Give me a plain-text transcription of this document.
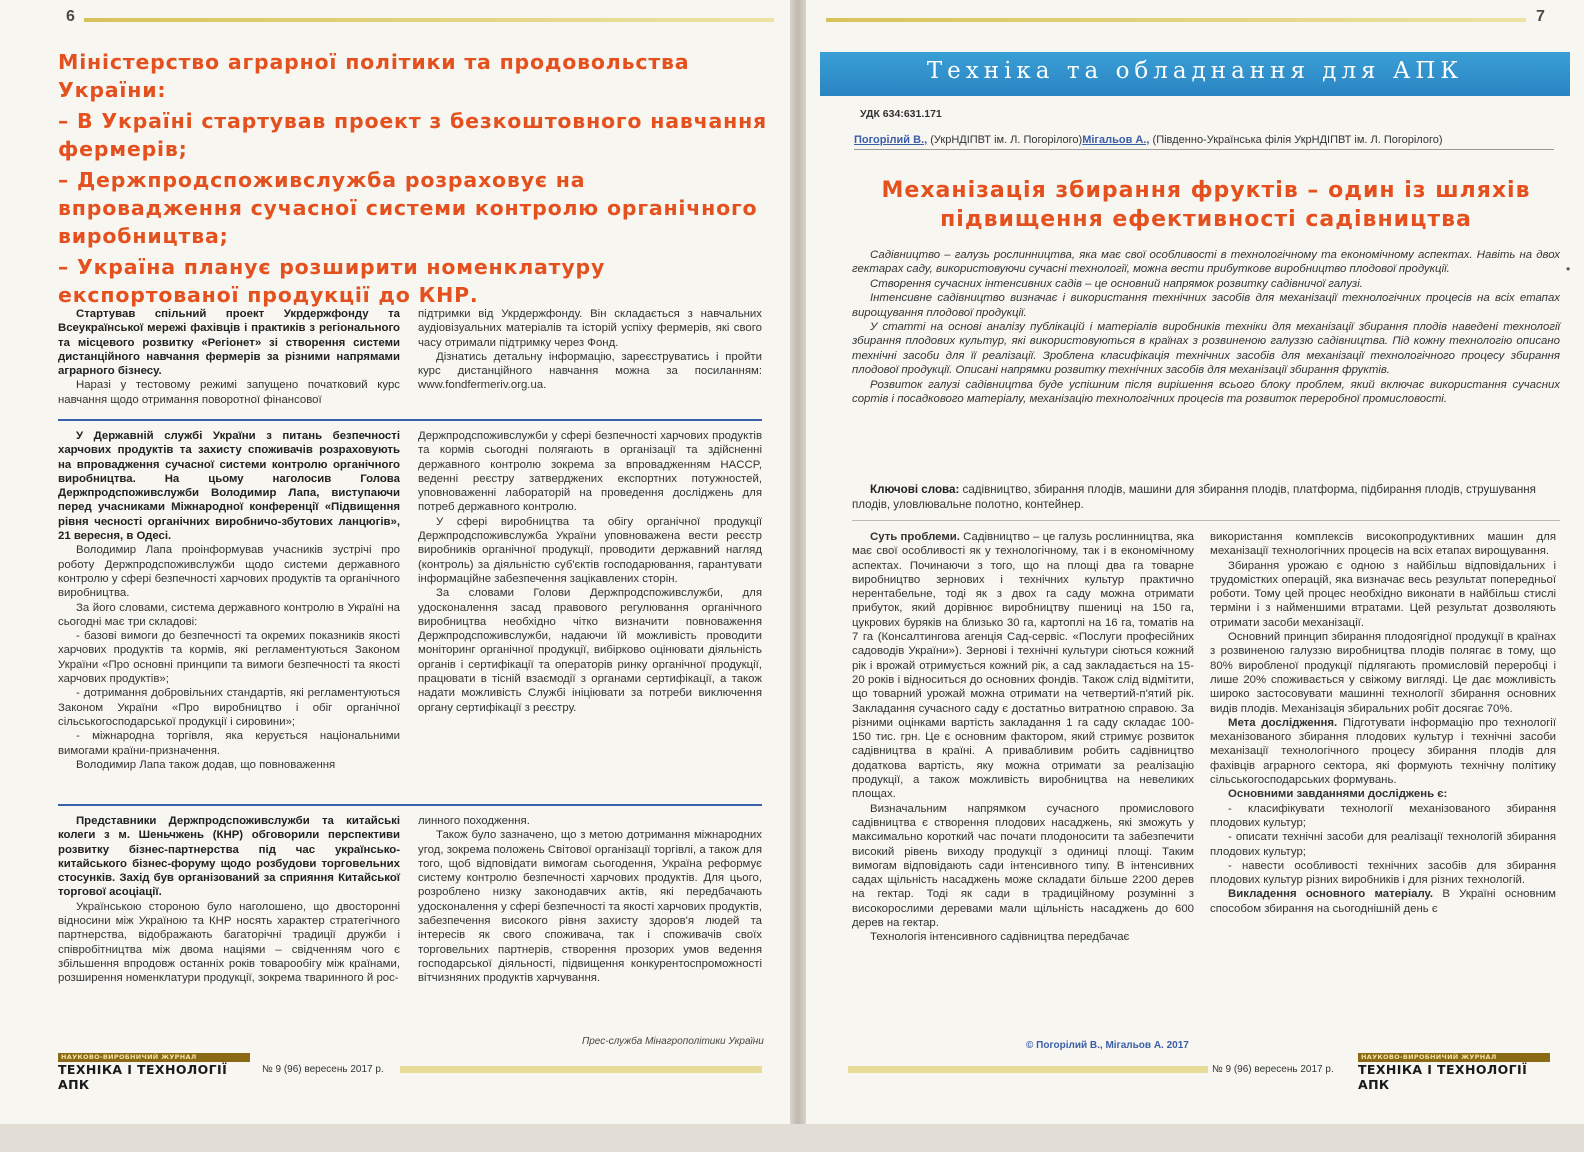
6

Міністерство аграрної політики та продовольства України:

– В Україні стартував проект з безкоштовного навчання фермерів;

– Держпродспоживслужба розраховує на впровадження сучасної системи контролю органічного виробництва;

– Україна планує розширити номенклатуру експортованої продукції до КНР.

Стартував спільний проект Укрдержфонду та Всеукраїнської мережі фахівців і практиків з регіонального та місцевого розвитку «Регіонет» зі створення системи дистанційного навчання фермерів за різними напрямами аграрного бізнесу.

Наразі у тестовому режимі запущено початковий курс навчання щодо отримання поворотної фінансової

підтримки від Укрдержфонду. Він складається з навчальних аудіовізуальних матеріалів та історій успіху фермерів, які свого часу отримали підтримку через Фонд.

Дізнатись детальну інформацію, зареєструватись і пройти курс дистанційного навчання можна за посиланням: www.fondfermeriv.org.ua.

У Державній службі України з питань безпечності харчових продуктів та захисту споживачів розраховують на впровадження сучасної системи контролю органічного виробництва. На цьому наголосив Голова Держпродспоживслужби Володимир Лапа, виступаючи перед учасниками Міжнародної конференції «Підвищення рівня чесності органічних виробничо-збутових ланцюгів», 21 вересня, в Одесі.

Володимир Лапа проінформував учасників зустрічі про роботу Держпродспоживслужби щодо системи державного контролю у сфері безпечності харчових продуктів та органічного виробництва.

За його словами, система державного контролю в Україні на сьогодні має три складові:

- базові вимоги до безпечності та окремих показників якості харчових продуктів та кормів, які регламентуються Законом України «Про основні принципи та вимоги безпечності та якості харчових продуктів»;

- дотримання добровільних стандартів, які регламентуються Законом України «Про виробництво і обіг органічної сільськогосподарської продукції і сировини»;

- міжнародна торгівля, яка керується національними вимогами країни-призначення.

Володимир Лапа також додав, що повноваження

Держпродспоживслужби у сфері безпечності харчових продуктів та кормів сьогодні полягають в організації та здійсненні державного контролю зокрема за впровадженням HACCP, веденні реєстру затверджених експортних потужностей, уповноваженні лабораторій на проведення досліджень для потреб державного контролю.

У сфері виробництва та обігу органічної продукції Держпродспоживслужба України уповноважена вести реєстр виробників органічної продукції, проводити державний нагляд (контроль) за діяльністю суб'єктів господарювання, гарантувати інформаційне забезпечення зацікавлених сторін.

За словами Голови Держпродспоживслужби, для удосконалення засад правового регулювання органічного виробництва необхідно чітко визначити повноваження Держпродспоживслужби, надаючи їй можливість проводити моніторинг органічної продукції, вибірково оцінювати діяльність органів і сертифікації та операторів ринку органічної продукції, працювати в тісній взаємодії з органами сертифікації, а також надати можливість Службі ініціювати за потреби виключення органу сертифікації з реєстру.

Представники Держпродспоживслужби та китайські колеги з м. Шеньчжень (КНР) обговорили перспективи розвитку бізнес-партнерства під час українсько-китайського бізнес-форуму щодо розбудови торговельних стосунків. Захід був організований за сприяння Китайської торгової асоціації.

Українською стороною було наголошено, що двосторонні відносини між Україною та КНР носять характер стратегічного партнерства, відображають багаторічні традиції дружби і співробітництва між двома націями – свідченням чого є збільшення впродовж останніх років товарообігу між країнами, розширення номенклатури продукції, зокрема тваринного й рос-

линного походження.

Також було зазначено, що з метою дотримання міжнародних угод, зокрема положень Світової організації торгівлі, а також для того, щоб відповідати вимогам сьогодення, Україна реформує систему контролю безпечності харчових продуктів. Для цього, розроблено низку законодавчих актів, які передбачають удосконалення у сфері безпечності та якості харчових продуктів, забезпечення високого рівня захисту здоров'я людей та інтересів як свого споживача, так і споживачів своїх торговельних партнерів, створення прозорих умов ведення господарської діяльності, підвищення конкурентоспроможності вітчизняних продуктів харчування.

Прес-служба Мінагрополітики України
НАУКОВО-ВИРОБНИЧИЙ ЖУРНАЛ
ТЕХНІКА І ТЕХНОЛОГІЇ АПК
№ 9 (96) вересень 2017 р.
7
Техніка та обладнання для АПК
УДК 634:631.171
Погорілий В., (УкрНДІПВТ ім. Л. Погорілого)Мігальов А., (Південно-Українська філія УкрНДІПВТ ім. Л. Погорілого)

Механізація збирання фруктів – один із шляхів

підвищення ефективності садівництва

Садівництво – галузь рослинництва, яка має свої особливості в технологічному та економічному аспектах. Навіть на двох гектарах саду, використовуючи сучасні технології, можна вести прибуткове виробництво плодової продукції.

Створення сучасних інтенсивних садів – це основний напрямок розвитку садівничої галузі.

Інтенсивне садівництво визначає і використання технічних засобів для механізації технологічних процесів на всіх етапах вирощування плодової продукції.

У статті на основі аналізу публікацій і матеріалів виробників техніки для механізації збирання плодів наведені технології збирання плодових культур, які використовуються в країнах з розвиненою галуззю садівництва. Під кожну технологію описано технічні засоби для її реалізації. Зроблена класифікація технічних засобів для механізації технологічного процесу збирання плодової продукції. Описані напрямки розвитку технічних засобів для механізації збирання фруктів.

Розвиток галузі садівництва буде успішним після вирішення всього блоку проблем, який включає використання сучасних сортів і посадкового матеріалу, механізацію технологічних процесів та розвиток переробної промисловості.

•
Ключові слова: садівництво, збирання плодів, машини для збирання плодів, платформа, підбирання плодів, струшування плодів, уловлювальне полотно, контейнер.

Суть проблеми. Садівництво – це галузь рослинництва, яка має свої особливості як у технологічному, так і в економічному аспектах. Починаючи з того, що на площі два га товарне виробництво зернових і технічних культур практично нерентабельне, тоді як з двох га саду можна отримати прибуток, який дорівнює виробництву пшениці на 150 га, цукрових буряків на близько 30 га, картоплі на 16 га, томатів на 7 га (Консалтингова агенція Сад-сервіс. «Послуги професійних садоводів України»). Зернові і технічні культури сіються кожний рік і врожай отримується кожний рік, а сад закладається на 15-20 років і відноситься до основних фондів. Також слід відмітити, що товарний урожай можна отримати на четвертий-п'ятий рік. Закладання сучасного саду є достатньо витратною справою. За різними оцінками вартість закладання 1 га саду складає 100-150 тис. грн. Це є основним фактором, який стримує розвиток садівництва в країні. А привабливим робить садівництво додаткова вартість, яку можна отримати за реалізацію продукції, а також можливість виробництва на невеликих площах.

Визначальним напрямком сучасного промислового садівництва є створення плодових насаджень, які зможуть у максимально короткий час почати плодоносити та забезпечити високий рівень виходу продукції з одиниці площі. Таким вимогам відповідають сади інтенсивного типу. В інтенсивних садах щільність насаджень може складати більше 2200 дерев на гектар. Тоді як сади в традиційному розумінні з високорослими деревами мали щільність насаджень до 600 дерев на гектар.

Технологія інтенсивного садівництва передбачає

використання комплексів високопродуктивних машин для механізації технологічних процесів на всіх етапах вирощування.

Збирання урожаю є одною з найбільш відповідальних і трудомістких операцій, яка визначає весь результат попередньої роботи. Тому цей процес необхідно виконати в найбільш стислі терміни і з найменшими втратами. Цей результат дозволяють отримати засоби механізації.

Основний принцип збирання плодоягідної продукції в країнах з розвиненою галуззю виробництва плодів полягає в тому, що 80% виробленої продукції підлягають промисловій переробці і лише 20% споживається у свіжому вигляді. Це дає можливість широко застосовувати машинні технології збирання основних видів плодів. Механізація збиральних робіт досягає 70%.

Мета дослідження. Підготувати інформацію про технології механізованого збирання плодових культур і технічні засоби механізації технологічного процесу збирання плодів для фахівців аграрного сектора, які формують технічну політику сільськогосподарських формувань.

Основними завданнями досліджень є:

- класифікувати технології механізованого збирання плодових культур;

- описати технічні засоби для реалізації технологій збирання плодових культур;

- навести особливості технічних засобів для збирання плодових культур різних виробників і для різних технологій.

Викладення основного матеріалу. В Україні основним способом збирання на сьогоднішній день є

© Погорілий В., Мігальов А. 2017
№ 9 (96) вересень 2017 р.
НАУКОВО-ВИРОБНИЧИЙ ЖУРНАЛ
ТЕХНІКА І ТЕХНОЛОГІЇ АПК
